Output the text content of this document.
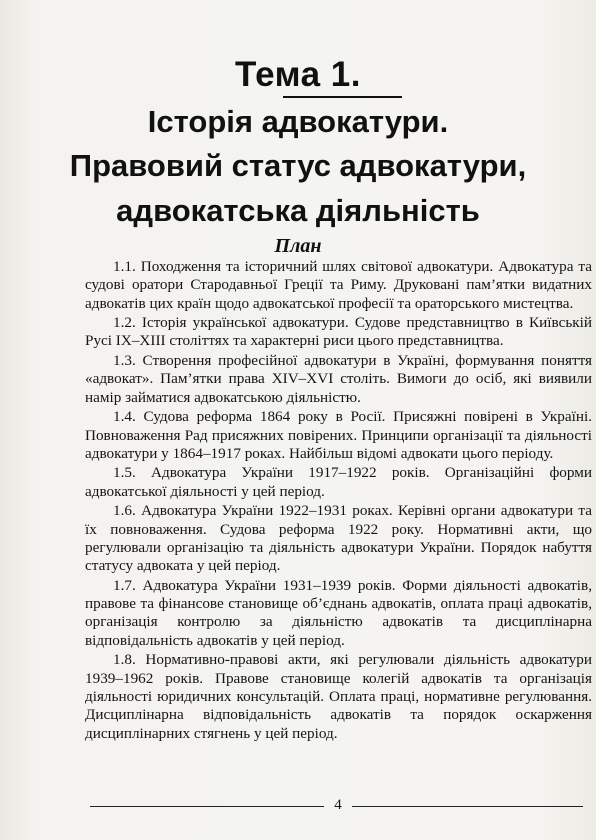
Тема 1.
Історія адвокатури.
Правовий статус адвокатури,
адвокатська діяльність
План

1.1. Походження та історичний шлях світової адвокатури. Адвокатура та судові оратори Стародавньої Греції та Риму. Друковані пам’ятки видатних адвокатів цих країн щодо адвокатської професії та ораторського мистецтва.

1.2. Історія української адвокатури. Судове представництво в Київській Русі IX–XIII століттях та характерні риси цього представництва.

1.3. Створення професійної адвокатури в Україні, формування поняття «адвокат». Пам’ятки права XIV–XVI століть. Вимоги до осіб, які виявили намір займатися адвокатською діяльністю.

1.4. Судова реформа 1864 року в Росії. Присяжні повірені в Україні. Повноваження Рад присяжних повірених. Принципи організації та діяльності адвокатури у 1864–1917 роках. Найбільш відомі адвокати цього періоду.

1.5. Адвокатура України 1917–1922 років. Організаційні форми адвокатської діяльності у цей період.

1.6. Адвокатура України 1922–1931 роках. Керівні органи адвокатури та їх повноваження. Судова реформа 1922 року. Нормативні акти, що регулювали організацію та діяльність адвокатури України. Порядок набуття статусу адвоката у цей період.

1.7. Адвокатура України 1931–1939 років. Форми діяльності адвокатів, правове та фінансове становище об’єднань адвокатів, оплата праці адвокатів, організація контролю за діяльністю адвокатів та дисциплінарна відповідальність адвокатів у цей період.

1.8. Нормативно-правові акти, які регулювали діяльність адвокатури 1939–1962 років. Правове становище колегій адвокатів та організація діяльності юридичних консультацій. Оплата праці, нормативне регулювання. Дисциплінарна відповідальність адвокатів та порядок оскарження дисциплінарних стягнень у цей період.

4
